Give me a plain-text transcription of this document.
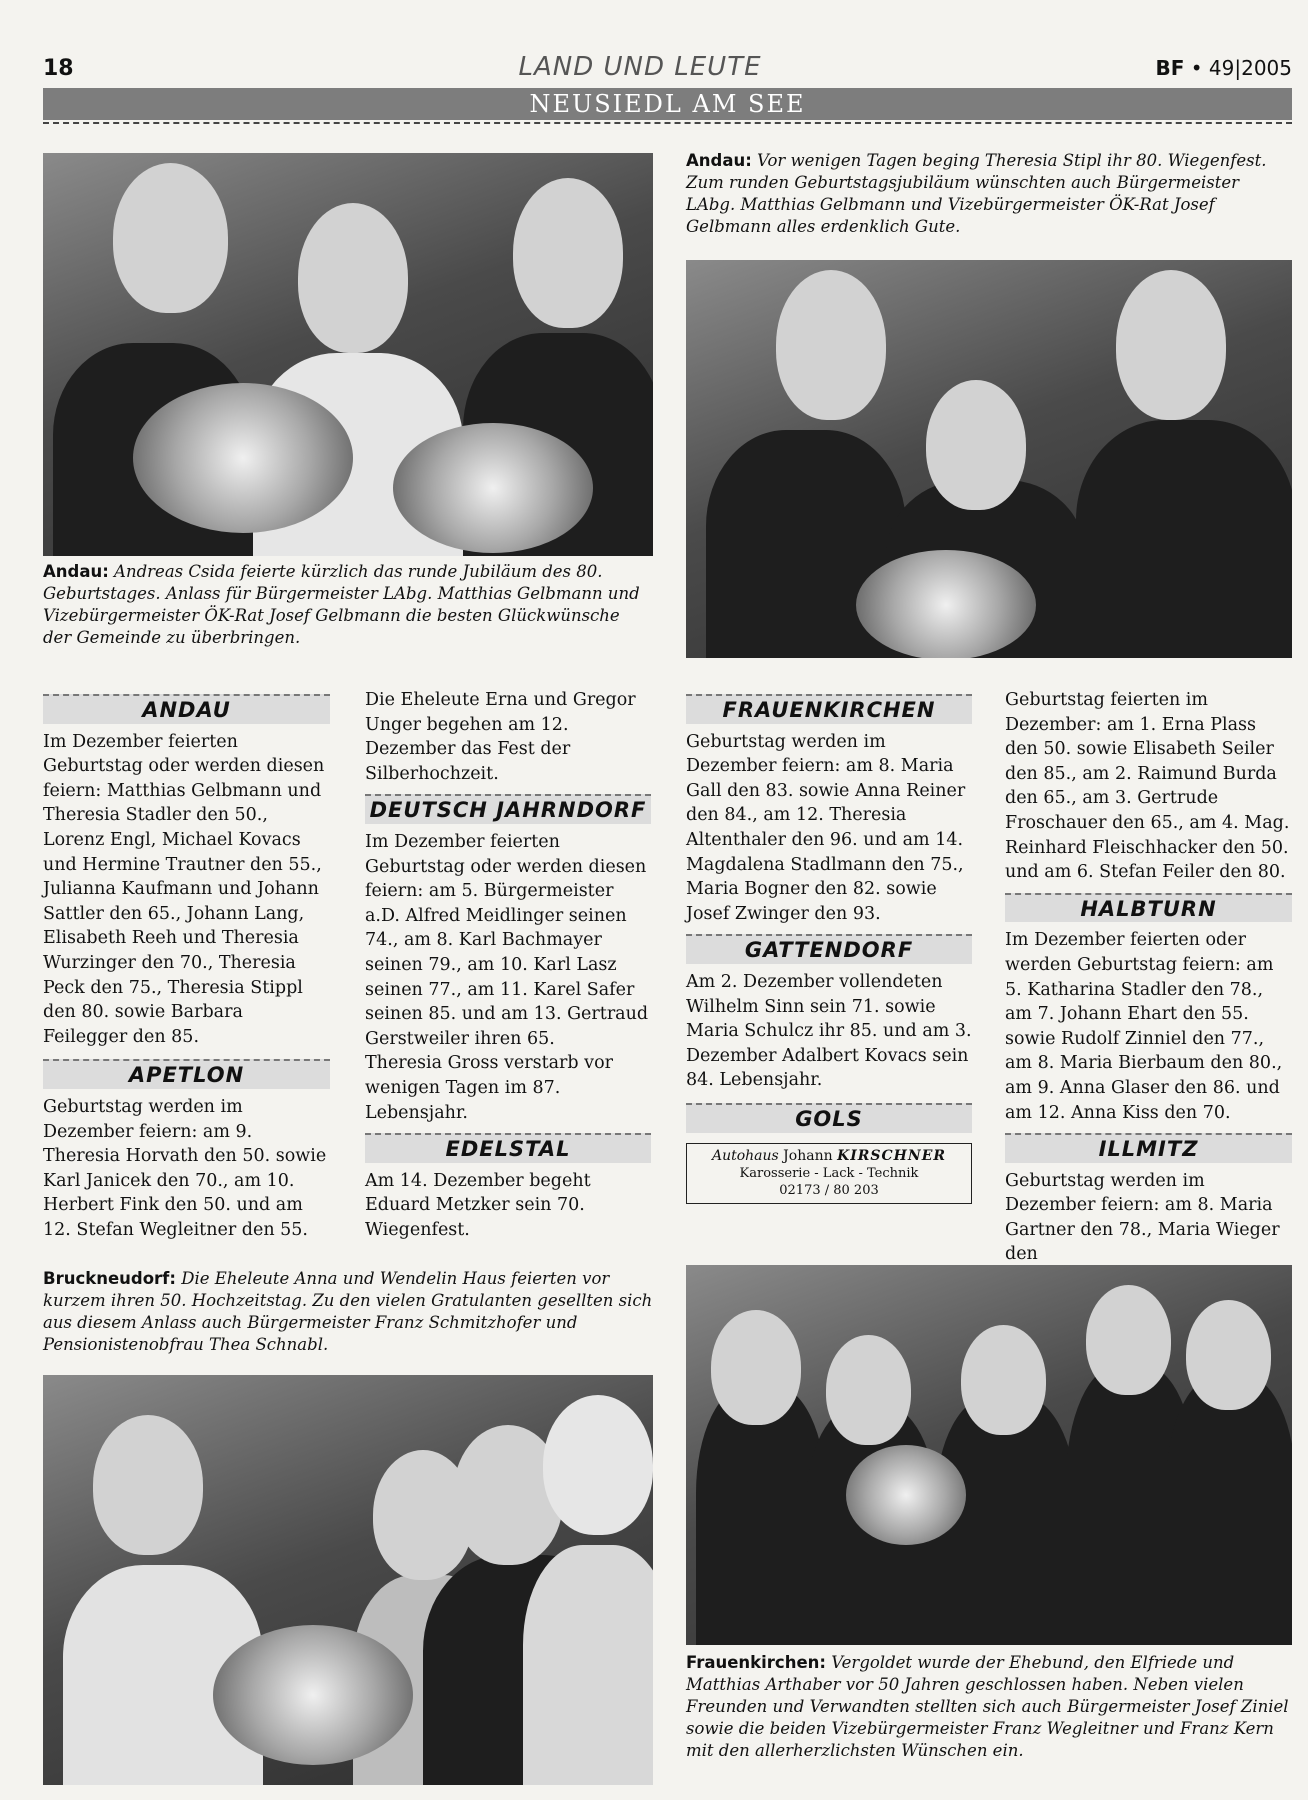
18	LAND UND LEUTE	BF • 49|2005
NEUSIEDL AM SEE
Andau: Andreas Csida feierte kürzlich das runde Jubiläum des 80. Geburtstages. Anlass für Bürgermeister LAbg. Matthias Gelbmann und Vizebürgermeister ÖK-Rat Josef Gelbmann die besten Glückwünsche der Gemeinde zu überbringen.
Andau: Vor wenigen Tagen beging Theresia Stipl ihr 80. Wiegenfest. Zum runden Geburtstagsjubiläum wünschten auch Bürgermeister LAbg. Matthias Gelbmann und Vizebürgermeister ÖK-Rat Josef Gelbmann alles erdenklich Gute.
ANDAU

Im Dezember feierten Geburtstag oder werden diesen feiern: Matthias Gelbmann und Theresia Stadler den 50., Lorenz Engl, Michael Kovacs und Hermine Trautner den 55., Julianna Kaufmann und Johann Sattler den 65., Johann Lang, Elisabeth Reeh und Theresia Wurzinger den 70., Theresia Peck den 75., Theresia Stippl den 80. sowie Barbara Feilegger den 85.

APETLON

Geburtstag werden im Dezember feiern: am 9. Theresia Horvath den 50. sowie Karl Janicek den 70., am 10. Herbert Fink den 50. und am 12. Stefan Wegleitner den 55.

Die Eheleute Erna und Gregor Unger begehen am 12. Dezember das Fest der Silberhochzeit.

DEUTSCH JAHRNDORF

Im Dezember feierten Geburtstag oder werden diesen feiern: am 5. Bürgermeister a.D. Alfred Meidlinger seinen 74., am 8. Karl Bachmayer seinen 79., am 10. Karl Lasz seinen 77., am 11. Karel Safer seinen 85. und am 13. Gertraud Gerstweiler ihren 65.

Theresia Gross verstarb vor wenigen Tagen im 87. Lebensjahr.

EDELSTAL

Am 14. Dezember begeht Eduard Metzker sein 70. Wiegenfest.

FRAUENKIRCHEN

Geburtstag werden im Dezember feiern: am 8. Maria Gall den 83. sowie Anna Reiner den 84., am 12. Theresia Altenthaler den 96. und am 14. Magdalena Stadlmann den 75., Maria Bogner den 82. sowie Josef Zwinger den 93.

GATTENDORF

Am 2. Dezember vollendeten Wilhelm Sinn sein 71. sowie Maria Schulcz ihr 85. und am 3. Dezember Adalbert Kovacs sein 84. Lebensjahr.

GOLS
Autohaus Johann KIRSCHNER
Karosserie - Lack - Technik
02173 / 80 203

Geburtstag feierten im Dezember: am 1. Erna Plass den 50. sowie Elisabeth Seiler den 85., am 2. Raimund Burda den 65., am 3. Gertrude Froschauer den 65., am 4. Mag. Reinhard Fleischhacker den 50. und am 6. Stefan Feiler den 80.

HALBTURN

Im Dezember feierten oder werden Geburtstag feiern: am 5. Katharina Stadler den 78., am 7. Johann Ehart den 55. sowie Rudolf Zinniel den 77., am 8. Maria Bierbaum den 80., am 9. Anna Glaser den 86. und am 12. Anna Kiss den 70.

ILLMITZ

Geburtstag werden im Dezember feiern: am 8. Maria Gartner den 78., Maria Wieger den

Bruckneudorf: Die Eheleute Anna und Wendelin Haus feierten vor kurzem ihren 50. Hochzeitstag. Zu den vielen Gratulanten gesellten sich aus diesem Anlass auch Bürgermeister Franz Schmitzhofer und Pensionistenobfrau Thea Schnabl.
Frauenkirchen: Vergoldet wurde der Ehebund, den Elfriede und Matthias Arthaber vor 50 Jahren geschlossen haben. Neben vielen Freunden und Verwandten stellten sich auch Bürgermeister Josef Ziniel sowie die beiden Vizebürgermeister Franz Wegleitner und Franz Kern mit den allerherzlichsten Wünschen ein.
